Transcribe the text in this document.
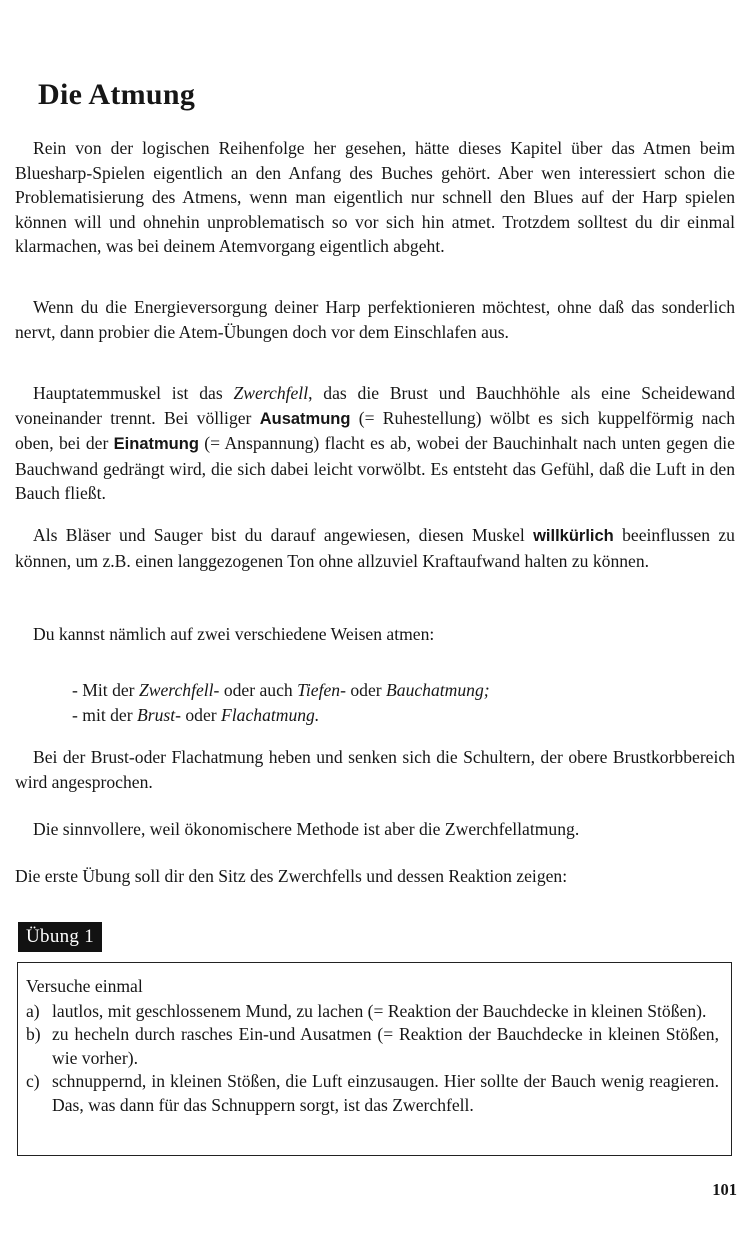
Die Atmung

Rein von der logischen Reihenfolge her gesehen, hätte dieses Kapitel über das Atmen beim Bluesharp-Spielen eigentlich an den Anfang des Buches gehört. Aber wen interessiert schon die Problematisierung des Atmens, wenn man eigentlich nur schnell den Blues auf der Harp spielen können will und ohnehin unproblematisch so vor sich hin atmet. Trotzdem solltest du dir einmal klarmachen, was bei deinem Atemvorgang eigentlich abgeht.

Wenn du die Energieversorgung deiner Harp perfektionieren möchtest, ohne daß das sonderlich nervt, dann probier die Atem-Übungen doch vor dem Einschlafen aus.

Hauptatemmuskel ist das Zwerchfell, das die Brust und Bauchhöhle als eine Scheidewand voneinander trennt. Bei völliger Ausatmung (= Ruhestellung) wölbt es sich kuppelförmig nach oben, bei der Einatmung (= Anspannung) flacht es ab, wobei der Bauchinhalt nach unten gegen die Bauchwand gedrängt wird, die sich dabei leicht vorwölbt. Es entsteht das Gefühl, daß die Luft in den Bauch fließt.

Als Bläser und Sauger bist du darauf angewiesen, diesen Muskel willkürlich beeinflussen zu können, um z.B. einen langgezogenen Ton ohne allzuviel Kraftaufwand halten zu können.

Du kannst nämlich auf zwei verschiedene Weisen atmen:

- Mit der Zwerchfell- oder auch Tiefen- oder Bauchatmung;
- mit der Brust- oder Flachatmung.

Bei der Brust-oder Flachatmung heben und senken sich die Schultern, der obere Brustkorbbereich wird angesprochen.

Die sinnvollere, weil ökonomischere Methode ist aber die Zwerchfellatmung.

Die erste Übung soll dir den Sitz des Zwerchfells und dessen Reaktion zeigen:

Übung 1

Versuche einmal

a) lautlos, mit geschlossenem Mund, zu lachen (= Reaktion der Bauchdecke in kleinen Stößen).
b) zu hecheln durch rasches Ein-und Ausatmen (= Reaktion der Bauchdecke in kleinen Stößen, wie vorher).
c) schnuppernd, in kleinen Stößen, die Luft einzusaugen. Hier sollte der Bauch wenig reagieren. Das, was dann für das Schnuppern sorgt, ist das Zwerchfell.
101
